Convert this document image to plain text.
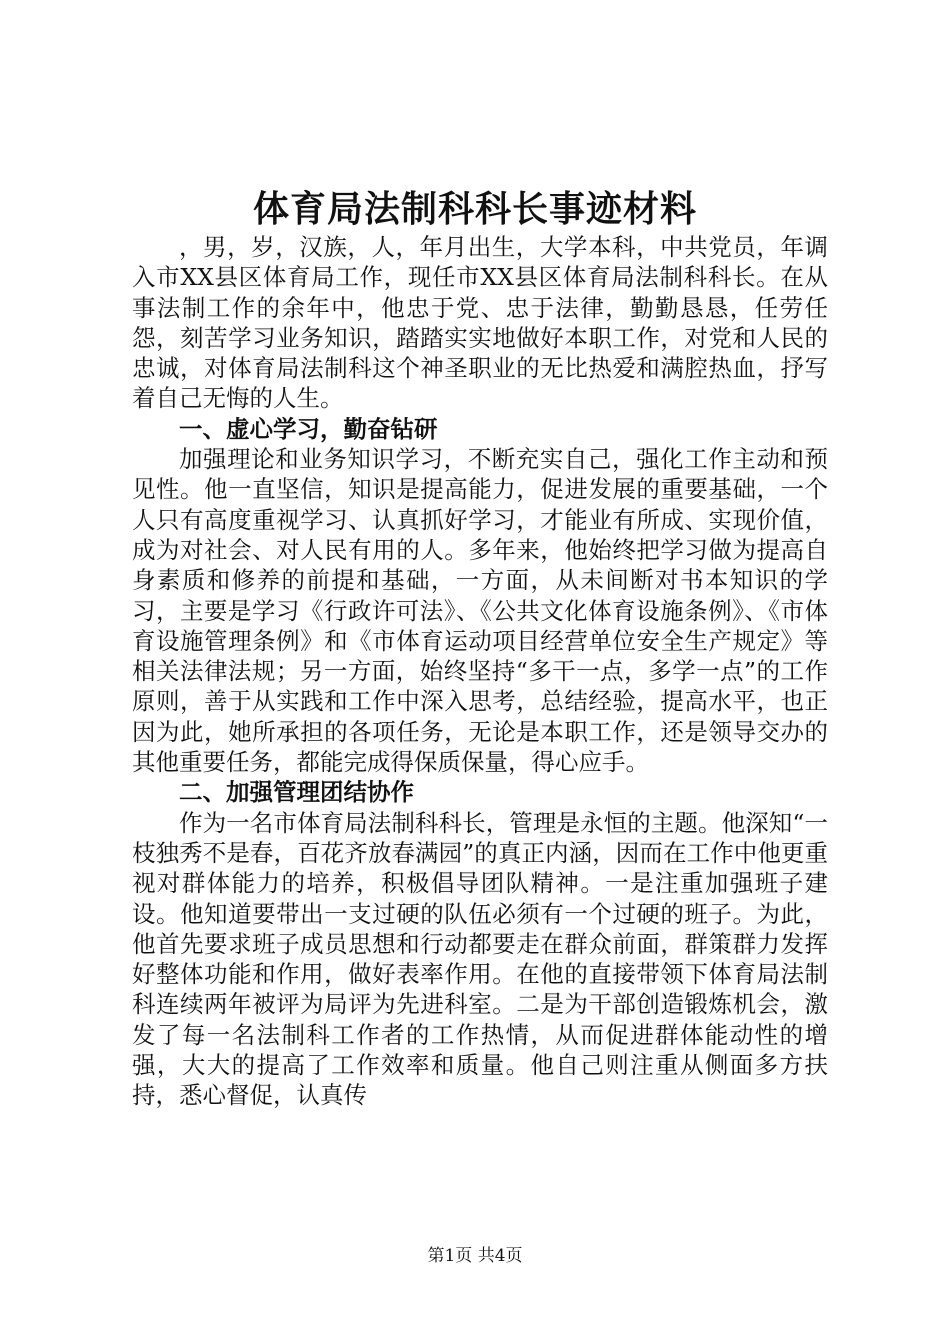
体育局法制科科长事迹材料

，男，岁，汉族，人，年月出生，大学本科，中共党员，年调入市XX县区体育局工作，现任市XX县区体育局法制科科长。在从事法制工作的余年中，他忠于党、忠于法律，勤勤恳恳，任劳任怨，刻苦学习业务知识，踏踏实实地做好本职工作，对党和人民的忠诚，对体育局法制科这个神圣职业的无比热爱和满腔热血，抒写着自己无悔的人生。

一、虚心学习，勤奋钻研

加强理论和业务知识学习，不断充实自己，强化工作主动和预见性。他一直坚信，知识是提高能力，促进发展的重要基础，一个人只有高度重视学习、认真抓好学习，才能业有所成、实现价值，成为对社会、对人民有用的人。多年来，他始终把学习做为提高自身素质和修养的前提和基础，一方面，从未间断对书本知识的学习，主要是学习《行政许可法》、《公共文化体育设施条例》、《市体育设施管理条例》和《市体育运动项目经营单位安全生产规定》等相关法律法规；另一方面，始终坚持“多干一点，多学一点”的工作原则，善于从实践和工作中深入思考，总结经验，提高水平，也正因为此，她所承担的各项任务，无论是本职工作，还是领导交办的其他重要任务，都能完成得保质保量，得心应手。

二、加强管理团结协作

作为一名市体育局法制科科长，管理是永恒的主题。他深知“一枝独秀不是春，百花齐放春满园”的真正内涵，因而在工作中他更重视对群体能力的培养，积极倡导团队精神。一是注重加强班子建设。他知道要带出一支过硬的队伍必须有一个过硬的班子。为此，他首先要求班子成员思想和行动都要走在群众前面，群策群力发挥好整体功能和作用，做好表率作用。在他的直接带领下体育局法制科连续两年被评为局评为先进科室。二是为干部创造锻炼机会，激发了每一名法制科工作者的工作热情，从而促进群体能动性的增强，大大的提高了工作效率和质量。他自己则注重从侧面多方扶持，悉心督促，认真传

第1页 共4页
